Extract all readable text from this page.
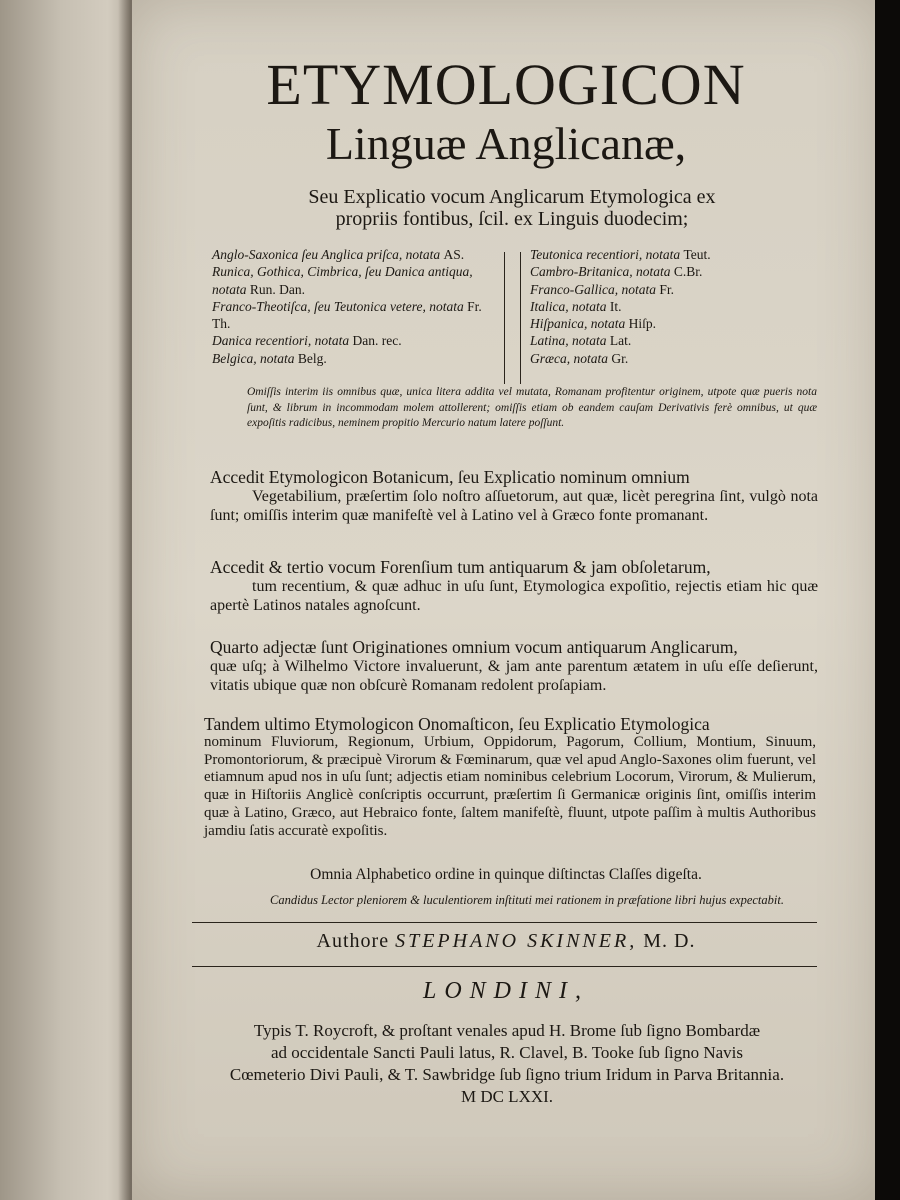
ETYMOLOGICON
Linguæ Anglicanæ,
Seu Explicatio vocum Anglicarum Etymologica ex
propriis fontibus, ſcil. ex Linguis duodecim;
Anglo-Saxonica ſeu Anglica priſca, notata AS.
Runica, Gothica, Cimbrica, ſeu Danica antiqua, notata Run. Dan.
Franco-Theotiſca, ſeu Teutonica vetere, notata Fr. Th.
Danica recentiori, notata Dan. rec.
Belgica, notata Belg.
Teutonica recentiori, notata Teut.
Cambro-Britanica, notata C.Br.
Franco-Gallica, notata Fr.
Italica, notata It.
Hiſpanica, notata Hiſp.
Latina, notata Lat.
Græca, notata Gr.
Omiſſis interim iis omnibus quæ, unica litera addita vel mutata, Romanam profitentur originem, utpote quæ pueris nota ſunt, & librum in incommodam molem attollerent; omiſſis etiam ob eandem cauſam Derivativis ferè omnibus, ut quæ expoſitis radicibus, neminem propitio Mercurio natum latere poſſunt.
Accedit Etymologicon Botanicum, ſeu Explicatio nominum omnium
Vegetabilium, præſertim ſolo noſtro aſſuetorum, aut quæ, licèt peregrina ſint, vulgò nota ſunt; omiſſis interim quæ manifeſtè vel à Latino vel à Græco fonte promanant.
Accedit & tertio vocum Forenſium tum antiquarum & jam obſoletarum,
tum recentium, & quæ adhuc in uſu ſunt, Etymologica expoſitio, rejectis etiam hic quæ apertè Latinos natales agnoſcunt.
Quarto adjectæ ſunt Originationes omnium vocum antiquarum Anglicarum,
quæ uſq; à Wilhelmo Victore invaluerunt, & jam ante parentum ætatem in uſu eſſe deſierunt, vitatis ubique quæ non obſcurè Romanam redolent proſapiam.
Tandem ultimo Etymologicon Onomaſticon, ſeu Explicatio Etymologica
nominum Fluviorum, Regionum, Urbium, Oppidorum, Pagorum, Collium, Montium, Sinuum, Promontoriorum, & præcipuè Virorum & Fœminarum, quæ vel apud Anglo-Saxones olim fuerunt, vel etiamnum apud nos in uſu ſunt; adjectis etiam nominibus celebrium Locorum, Virorum, & Mulierum, quæ in Hiſtoriis Anglicè conſcriptis occurrunt, præſertim ſi Germanicæ originis ſint, omiſſis interim quæ à Latino, Græco, aut Hebraico fonte, ſaltem manifeſtè, fluunt, utpote paſſim à multis Authoribus jamdiu ſatis accuratè expoſitis.
Omnia Alphabetico ordine in quinque diſtinctas Claſſes digeſta.
Candidus Lector pleniorem & luculentiorem inſtituti mei rationem in præfatione libri hujus expectabit.
Authore STEPHANO SKINNER, M. D.
LONDINI,
Typis T. Roycroft, & proſtant venales apud H. Brome ſub ſigno Bombardæ
ad occidentale Sancti Pauli latus, R. Clavel, B. Tooke ſub ſigno Navis
Cœmeterio Divi Pauli, & T. Sawbridge ſub ſigno trium Iridum in Parva Britannia.
M DC LXXI.
